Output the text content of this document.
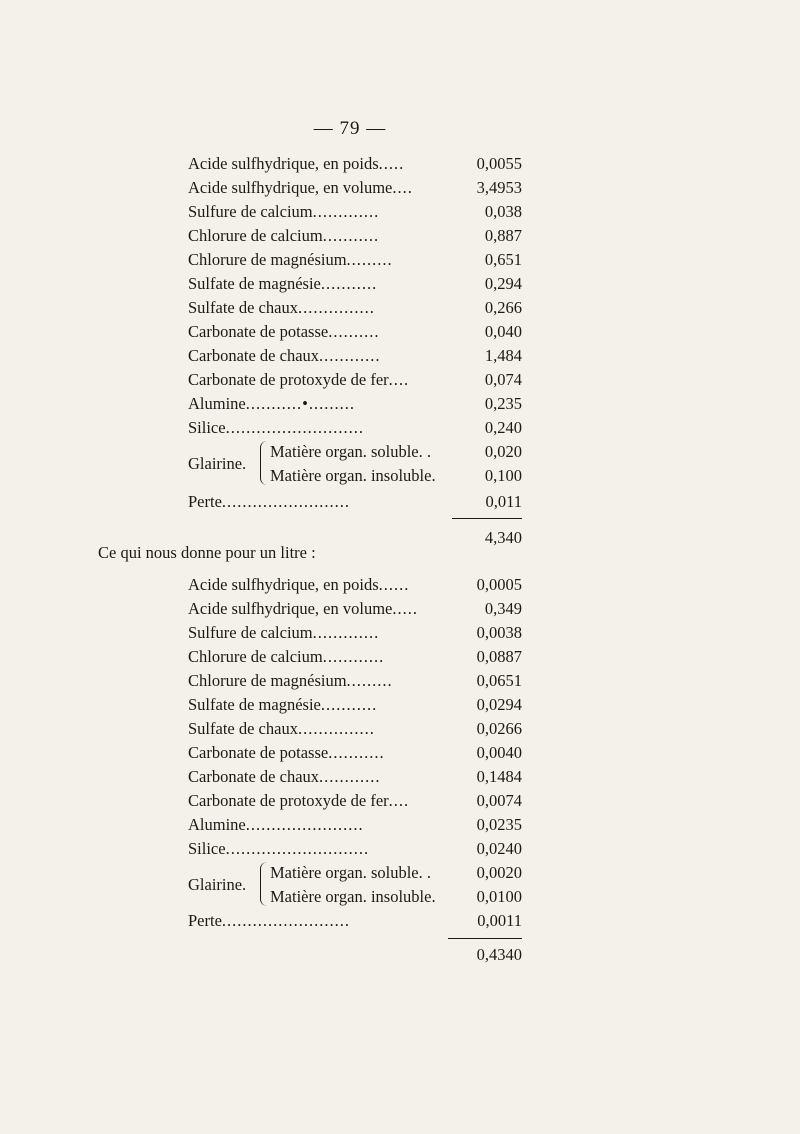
— 79 —
Acide sulfhydrique, en poids.....	0,0055
Acide sulfhydrique, en volume....	3,4953
Sulfure de calcium.............	0,038
Chlorure de calcium...........	0,887
Chlorure de magnésium.........	0,651
Sulfate de magnésie...........	0,294
Sulfate de chaux...............	0,266
Carbonate de potasse..........	0,040
Carbonate de chaux............	1,484
Carbonate de protoxyde de fer....	0,074
Alumine...........•.........	0,235
Silice...........................	0,240
Glairine.
Matière organ. soluble. .	0,020
Matière organ. insoluble.	0,100
Perte.........................	0,011
4,340
Ce qui nous donne pour un litre :
Acide sulfhydrique, en poids......	0,0005
Acide sulfhydrique, en volume.....	0,349
Sulfure de calcium.............	0,0038
Chlorure de calcium............	0,0887
Chlorure de magnésium.........	0,0651
Sulfate de magnésie...........	0,0294
Sulfate de chaux...............	0,0266
Carbonate de potasse...........	0,0040
Carbonate de chaux............	0,1484
Carbonate de protoxyde de fer....	0,0074
Alumine.......................	0,0235
Silice............................	0,0240
Glairine.
Matière organ. soluble. .	0,0020
Matière organ. insoluble. 0,0100
Perte.........................	0,0011
0,4340
